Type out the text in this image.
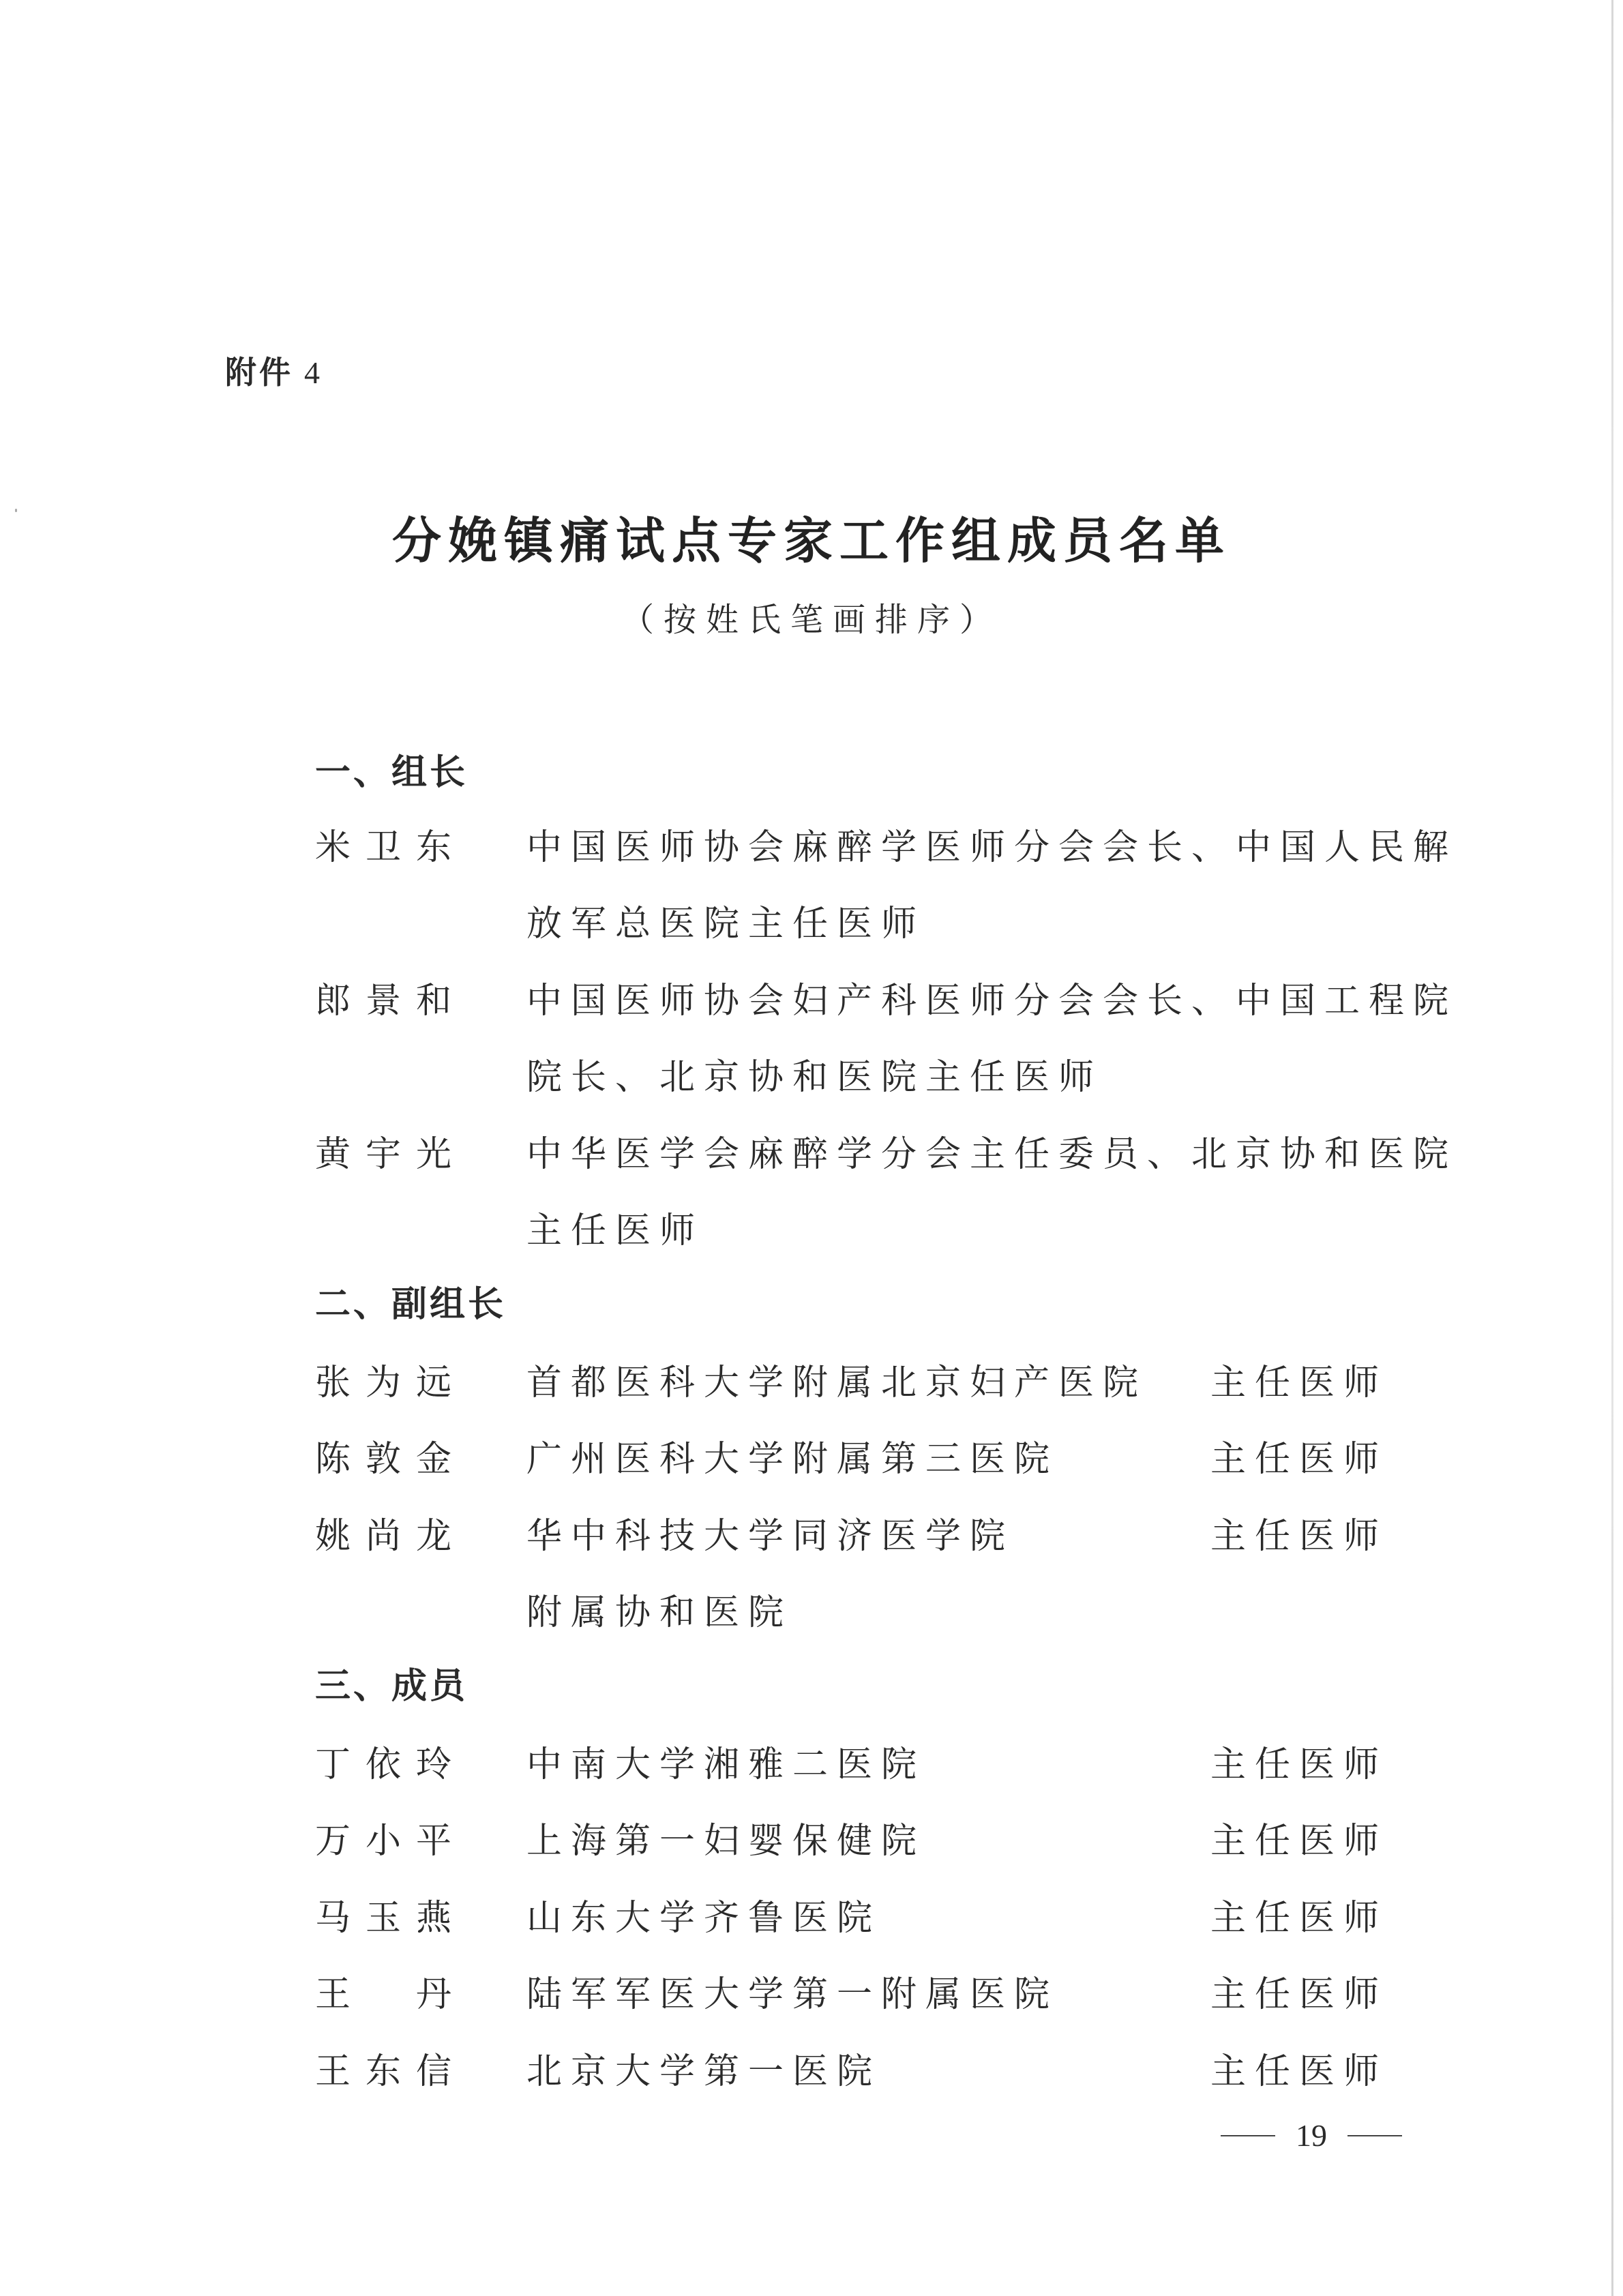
附件 4
分娩镇痛试点专家工作组成员名单
（按姓氏笔画排序）
一、组长
米 卫 东 中国医师协会麻醉学医师分会会长、中国人民解
放军总医院主任医师
郎 景 和 中国医师协会妇产科医师分会会长、中国工程院
院长、北京协和医院主任医师
黄 宇 光 中华医学会麻醉学分会主任委员、北京协和医院
主任医师
二、副组长
张 为 远 首都医科大学附属北京妇产医院 主任医师
陈 敦 金 广州医科大学附属第三医院	主任医师
姚 尚 龙 华中科技大学同济医学院	主任医师
附属协和医院
三、成员
丁 依 玲 中南大学湘雅二医院	主任医师
万 小 平 上海第一妇婴保健院	主任医师
马 玉 燕 山东大学齐鲁医院	主任医师
王 丹 陆军军医大学第一附属医院	主任医师
王 东 信 北京大学第一医院	主任医师
19
